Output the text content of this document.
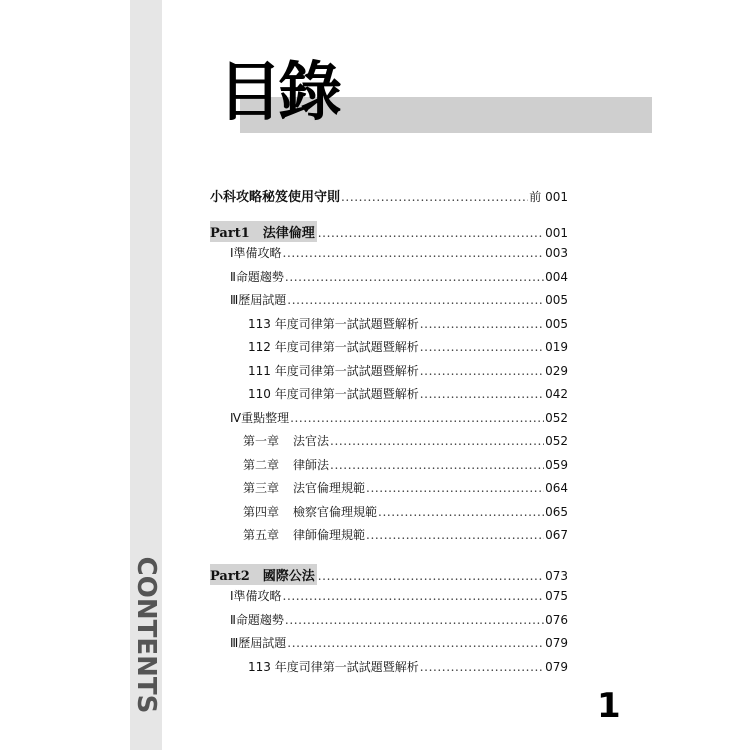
CONTENTS
目錄
小科攻略秘笈使用守則 .....	前 001
Part1　法律倫理 .....	001
Ⅰ準備攻略 .....	003
Ⅱ命題趨勢 .....	004
Ⅲ歷屆試題 .....	005
113 年度司律第一試試題暨解析 .....	005
112 年度司律第一試試題暨解析 .....	019
111 年度司律第一試試題暨解析 .....	029
110 年度司律第一試試題暨解析 .....	042
Ⅳ重點整理 .....	052
第一章 法官法 .....	052
第二章 律師法 .....	059
第三章 法官倫理規範 .....	064
第四章 檢察官倫理規範 .....	065
第五章 律師倫理規範 .....	067
Part2　國際公法 .....	073
Ⅰ準備攻略 .....	075
Ⅱ命題趨勢 .....	076
Ⅲ歷屆試題 .....	079
113 年度司律第一試試題暨解析 .....	079
1
